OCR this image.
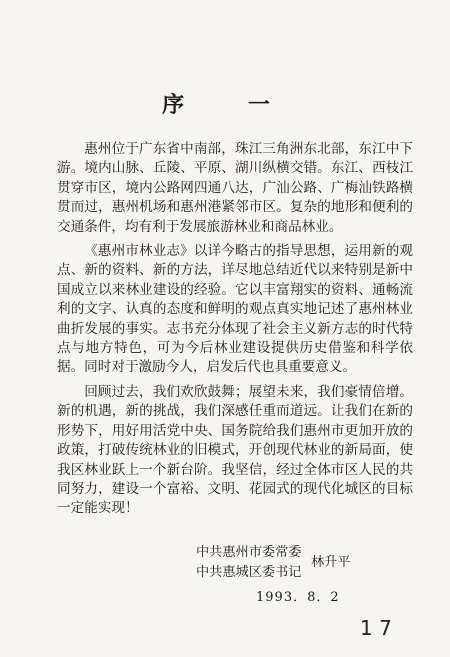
序 一

惠州位于广东省中南部，珠江三角洲东北部，东江中下游。境内山脉、丘陵、平原、湖川纵横交错。东江、西枝江贯穿市区，境内公路网四通八达，广汕公路、广梅汕铁路横贯而过，惠州机场和惠州港紧邻市区。复杂的地形和便利的交通条件，均有利于发展旅游林业和商品林业。

《惠州市林业志》以详今略古的指导思想，运用新的观点、新的资料、新的方法，详尽地总结近代以来特别是新中国成立以来林业建设的经验。它以丰富翔实的资料、通畅流利的文字、认真的态度和鲜明的观点真实地记述了惠州林业曲折发展的事实。志书充分体现了社会主义新方志的时代特点与地方特色，可为今后林业建设提供历史借鉴和科学依据。同时对于激励今人，启发后代也具重要意义。

回顾过去，我们欢欣鼓舞；展望未来，我们豪情倍增。新的机遇，新的挑战，我们深感任重而道远。让我们在新的形势下，用好用活党中央、国务院给我们惠州市更加开放的政策，打破传统林业的旧模式，开创现代林业的新局面，使我区林业跃上一个新台阶。我坚信，经过全体市区人民的共同努力，建设一个富裕、文明、花园式的现代化城区的目标一定能实现！

中共惠州市委常委
中共惠城区委书记
林升平
1993．8．2
1 7
